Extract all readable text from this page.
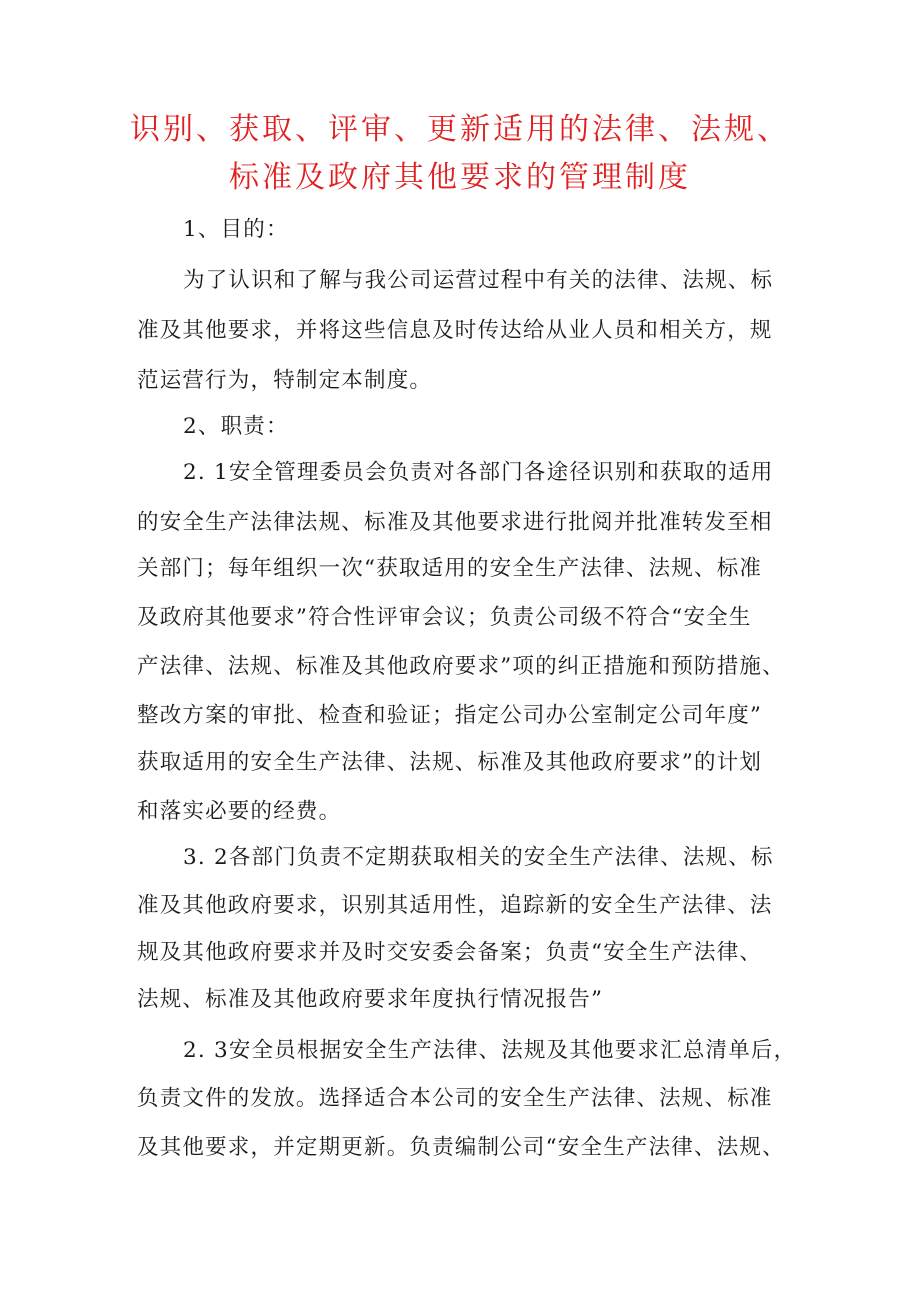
识别、获取、评审、更新适用的法律、法规、
标准及政府其他要求的管理制度
1、目的：
为了认识和了解与我公司运营过程中有关的法律、法规、标
准及其他要求，并将这些信息及时传达给从业人员和相关方，规
范运营行为，特制定本制度。
2、职责：
2. 1安全管理委员会负责对各部门各途径识别和获取的适用
的安全生产法律法规、标准及其他要求进行批阅并批准转发至相
关部门；每年组织一次“获取适用的安全生产法律、法规、标准
及政府其他要求”符合性评审会议；负责公司级不符合“安全生
产法律、法规、标准及其他政府要求”项的纠正措施和预防措施、
整改方案的审批、检查和验证；指定公司办公室制定公司年度”
获取适用的安全生产法律、法规、标准及其他政府要求”的计划
和落实必要的经费。
3. 2各部门负责不定期获取相关的安全生产法律、法规、标
准及其他政府要求，识别其适用性，追踪新的安全生产法律、法
规及其他政府要求并及时交安委会备案；负责“安全生产法律、
法规、标准及其他政府要求年度执行情况报告”
2. 3安全员根据安全生产法律、法规及其他要求汇总清单后，
负责文件的发放。选择适合本公司的安全生产法律、法规、标准
及其他要求，并定期更新。负责编制公司“安全生产法律、法规、
